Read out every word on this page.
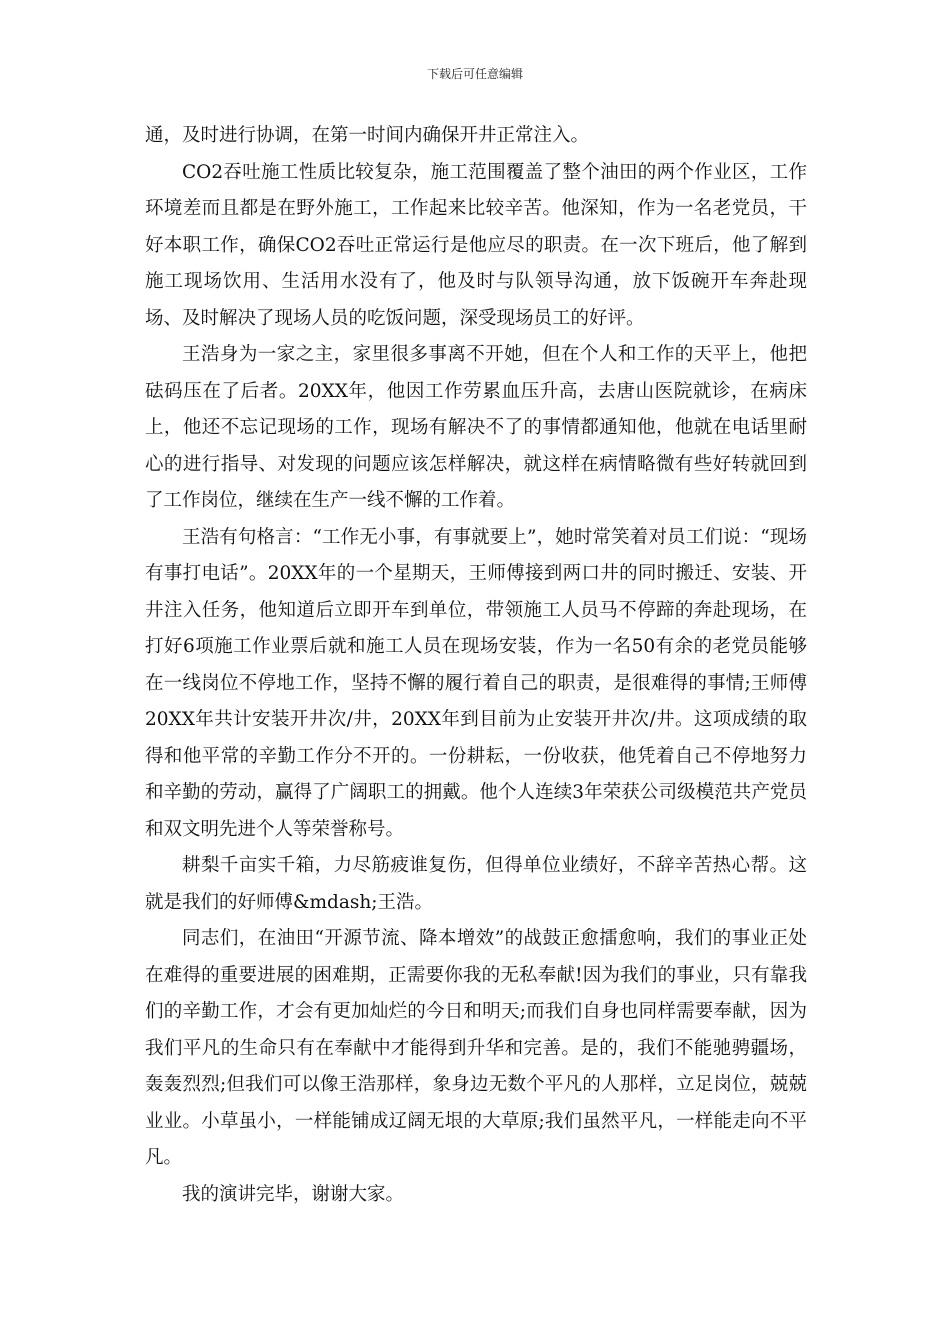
下载后可任意编辑

通，及时进行协调，在第一时间内确保开井正常注入。

CO2吞吐施工性质比较复杂，施工范围覆盖了整个油田的两个作业区，工作环境差而且都是在野外施工，工作起来比较辛苦。他深知，作为一名老党员，干好本职工作，确保CO2吞吐正常运行是他应尽的职责。在一次下班后，他了解到施工现场饮用、生活用水没有了，他及时与队领导沟通，放下饭碗开车奔赴现场、及时解决了现场人员的吃饭问题，深受现场员工的好评。

王浩身为一家之主，家里很多事离不开她，但在个人和工作的天平上，他把砝码压在了后者。20XX年，他因工作劳累血压升高，去唐山医院就诊，在病床上，他还不忘记现场的工作，现场有解决不了的事情都通知他，他就在电话里耐心的进行指导、对发现的问题应该怎样解决，就这样在病情略微有些好转就回到了工作岗位，继续在生产一线不懈的工作着。

王浩有句格言：“工作无小事，有事就要上”，她时常笑着对员工们说：“现场有事打电话”。20XX年的一个星期天，王师傅接到两口井的同时搬迁、安装、开井注入任务，他知道后立即开车到单位，带领施工人员马不停蹄的奔赴现场，在打好6项施工作业票后就和施工人员在现场安装，作为一名50有余的老党员能够在一线岗位不停地工作，坚持不懈的履行着自己的职责，是很难得的事情;王师傅20XX年共计安装开井次/井，20XX年到目前为止安装开井次/井。这项成绩的取得和他平常的辛勤工作分不开的。一份耕耘，一份收获，他凭着自己不停地努力和辛勤的劳动，赢得了广阔职工的拥戴。他个人连续3年荣获公司级模范共产党员和双文明先进个人等荣誉称号。

耕梨千亩实千箱，力尽筋疲谁复伤，但得单位业绩好，不辞辛苦热心帮。这就是我们的好师傅&mdash;王浩。

同志们，在油田“开源节流、降本增效”的战鼓正愈擂愈响，我们的事业正处在难得的重要进展的困难期，正需要你我的无私奉献!因为我们的事业，只有靠我们的辛勤工作，才会有更加灿烂的今日和明天;而我们自身也同样需要奉献，因为我们平凡的生命只有在奉献中才能得到升华和完善。是的，我们不能驰骋疆场，轰轰烈烈;但我们可以像王浩那样，象身边无数个平凡的人那样，立足岗位，兢兢业业。小草虽小，一样能铺成辽阔无垠的大草原;我们虽然平凡，一样能走向不平凡。

我的演讲完毕，谢谢大家。
